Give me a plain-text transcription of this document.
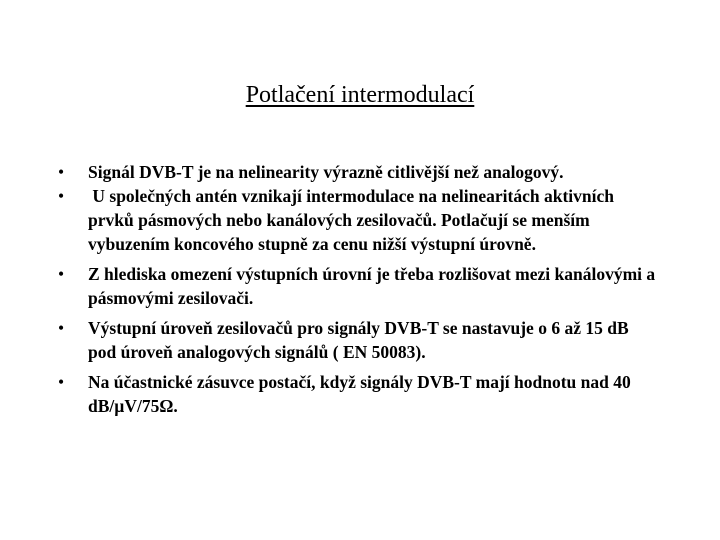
Potlačení intermodulací
• Signál DVB-T je na nelinearity výrazně citlivější než analogový.
• U společných antén vznikají intermodulace na nelinearitách aktivních prvků pásmových nebo kanálových zesilovačů. Potlačují se menším vybuzením koncového stupně za cenu nižší výstupní úrovně.
• Z hlediska omezení výstupních úrovní je třeba rozlišovat mezi kanálovými a pásmovými zesilovači.
• Výstupní úroveň zesilovačů pro signály DVB-T se nastavuje o 6 až 15 dB pod úroveň analogových signálů ( EN 50083).
• Na účastnické zásuvce postačí, když signály DVB-T mají hodnotu nad 40 dB/µV/75Ω.
